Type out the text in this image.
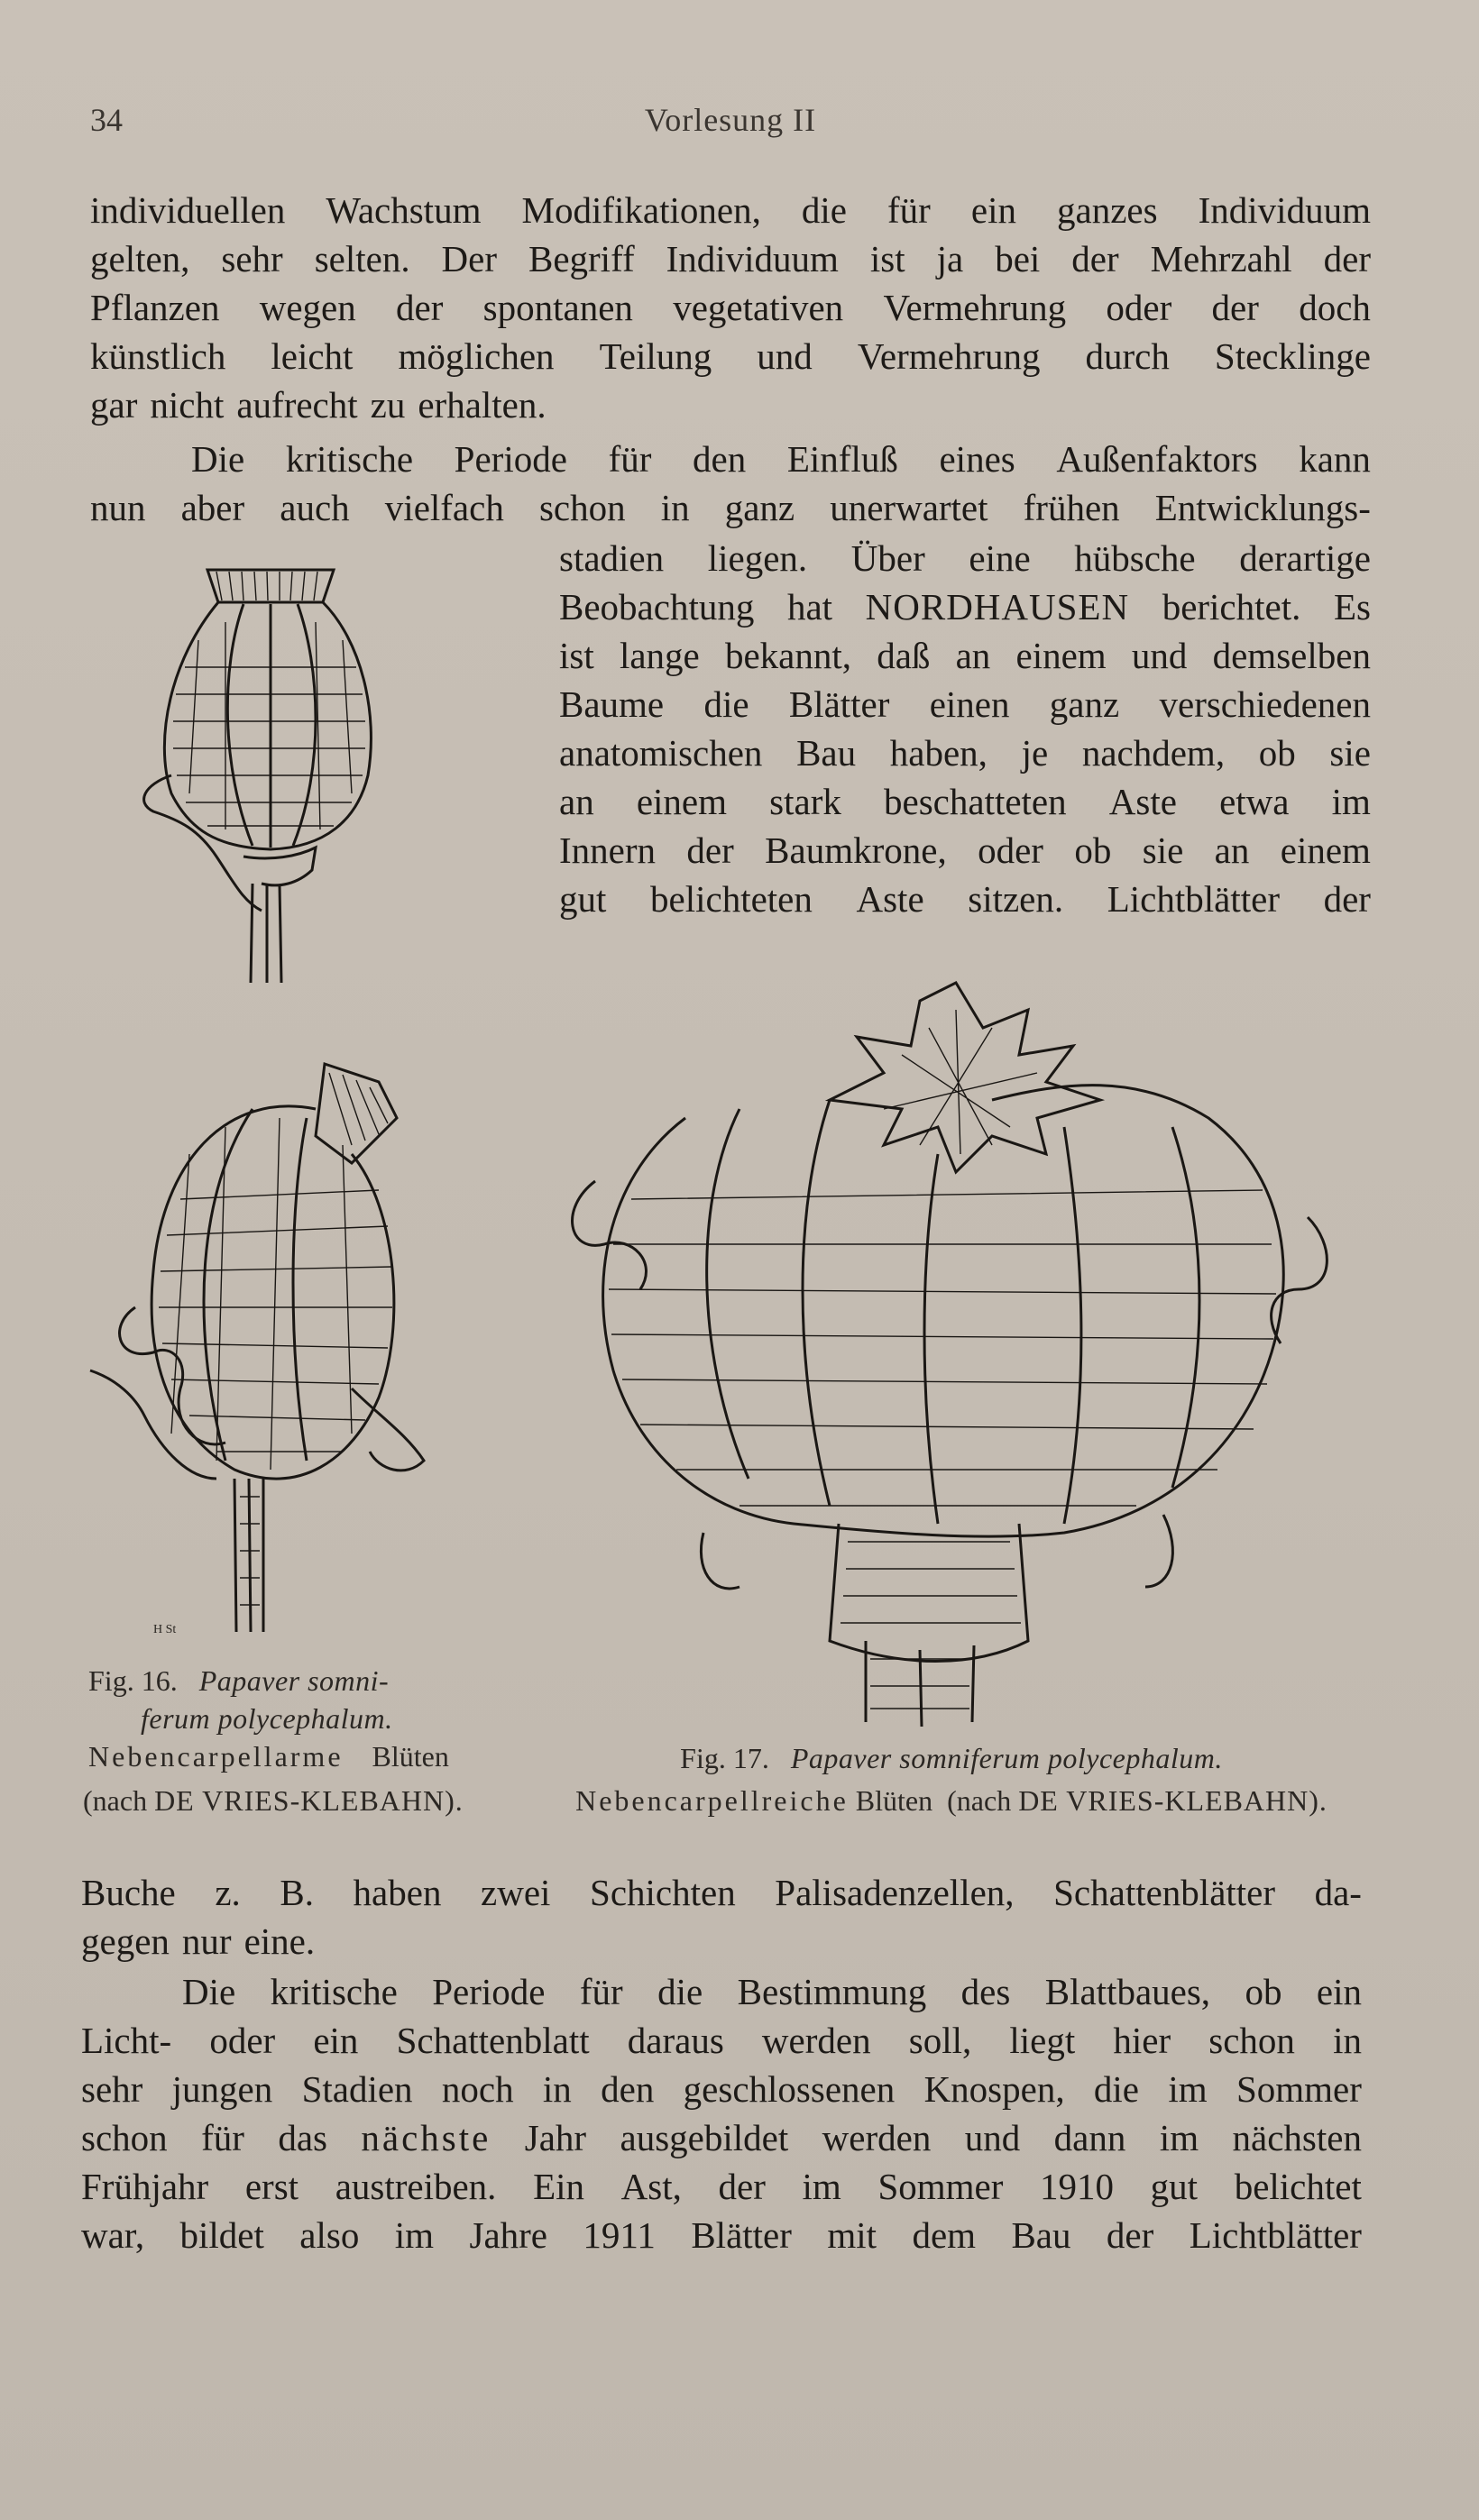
34	Vorlesung II
individuellen Wachstum Modifikationen, die für ein ganzes Individuum
gelten, sehr selten. Der Begriff Individuum ist ja bei der Mehrzahl der
Pflanzen wegen der spontanen vegetativen Vermehrung oder der doch
künstlich leicht möglichen Teilung und Vermehrung durch Stecklinge
gar nicht aufrecht zu erhalten.
Die kritische Periode für den Einfluß eines Außenfaktors kann
nun aber auch vielfach schon in ganz unerwartet frühen Entwicklungs-
stadien liegen. Über eine hübsche derartige
Beobachtung hat NORDHAUSEN berichtet. Es
ist lange bekannt, daß an einem und demselben
Baume die Blätter einen ganz verschiedenen
anatomischen Bau haben, je nachdem, ob sie
an einem stark beschatteten Aste etwa im
Innern der Baumkrone, oder ob sie an einem
gut belichteten Aste sitzen. Lichtblätter der
H St
Fig. 16. Papaver somni-
ferum polycephalum.
Nebencarpellarme Blüten
(nach DE VRIES-KLEBAHN).
Fig. 17. Papaver somniferum polycephalum.
Nebencarpellreiche Blüten (nach DE VRIES-KLEBAHN).
Buche z. B. haben zwei Schichten Palisadenzellen, Schattenblätter da-
gegen nur eine.
Die kritische Periode für die Bestimmung des Blattbaues, ob ein
Licht- oder ein Schattenblatt daraus werden soll, liegt hier schon in
sehr jungen Stadien noch in den geschlossenen Knospen, die im Sommer
schon für das nächste Jahr ausgebildet werden und dann im nächsten
Frühjahr erst austreiben. Ein Ast, der im Sommer 1910 gut belichtet
war, bildet also im Jahre 1911 Blätter mit dem Bau der Lichtblätter
